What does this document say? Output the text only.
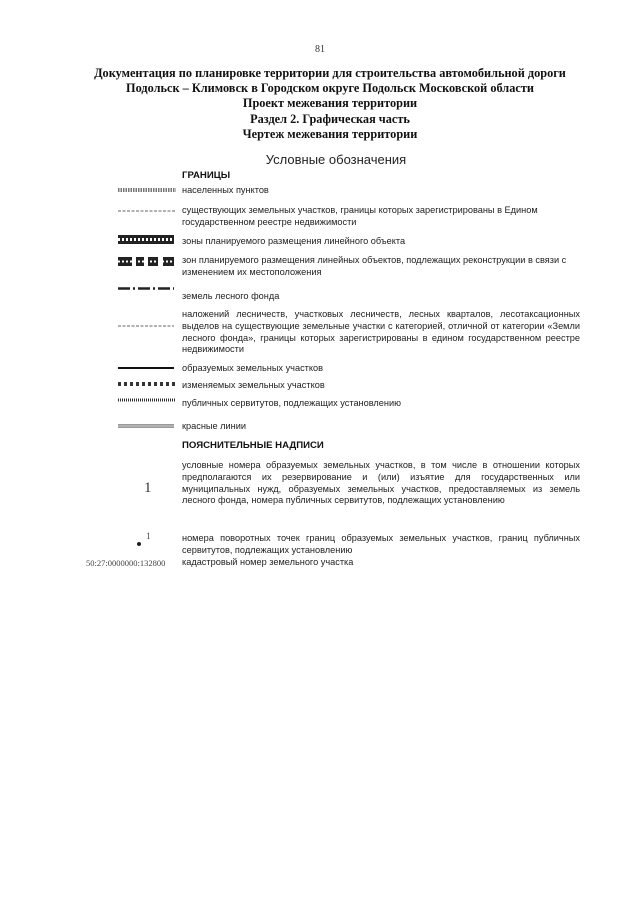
81
Документация по планировке территории для строительства автомобильной дороги
Подольск – Климовск в Городском округе Подольск Московской области
Проект межевания территории
Раздел 2. Графическая часть
Чертеж межевания территории
Условные обозначения
ГРАНИЦЫ
населенных пунктов
существующих земельных участков, границы которых зарегистрированы в Едином государственном реестре недвижимости
зоны планируемого размещения линейного объекта
зон планируемого размещения линейных объектов, подлежащих реконструкции в связи с изменением их местоположения
земель лесного фонда
наложений лесничеств, участковых лесничеств, лесных кварталов, лесотаксационных выделов на существующие земельные участки с категорией, отличной от категории «Земли лесного фонда», границы которых зарегистрированы в едином государственном реестре недвижимости
образуемых земельных участков
изменяемых земельных участков
публичных сервитутов, подлежащих установлению
красные линии
ПОЯСНИТЕЛЬНЫЕ НАДПИСИ
1
условные номера образуемых земельных участков, в том числе в отношении которых предполагаются их резервирование и (или) изъятие для государственных или муниципальных нужд, образуемых земельных участков, предоставляемых из земель лесного фонда, номера публичных сервитутов, подлежащих установлению
1	номера поворотных точек границ образуемых земельных участков, границ публичных сервитутов, подлежащих установлению
50:27:0000000:132800 кадастровый номер земельного участка
